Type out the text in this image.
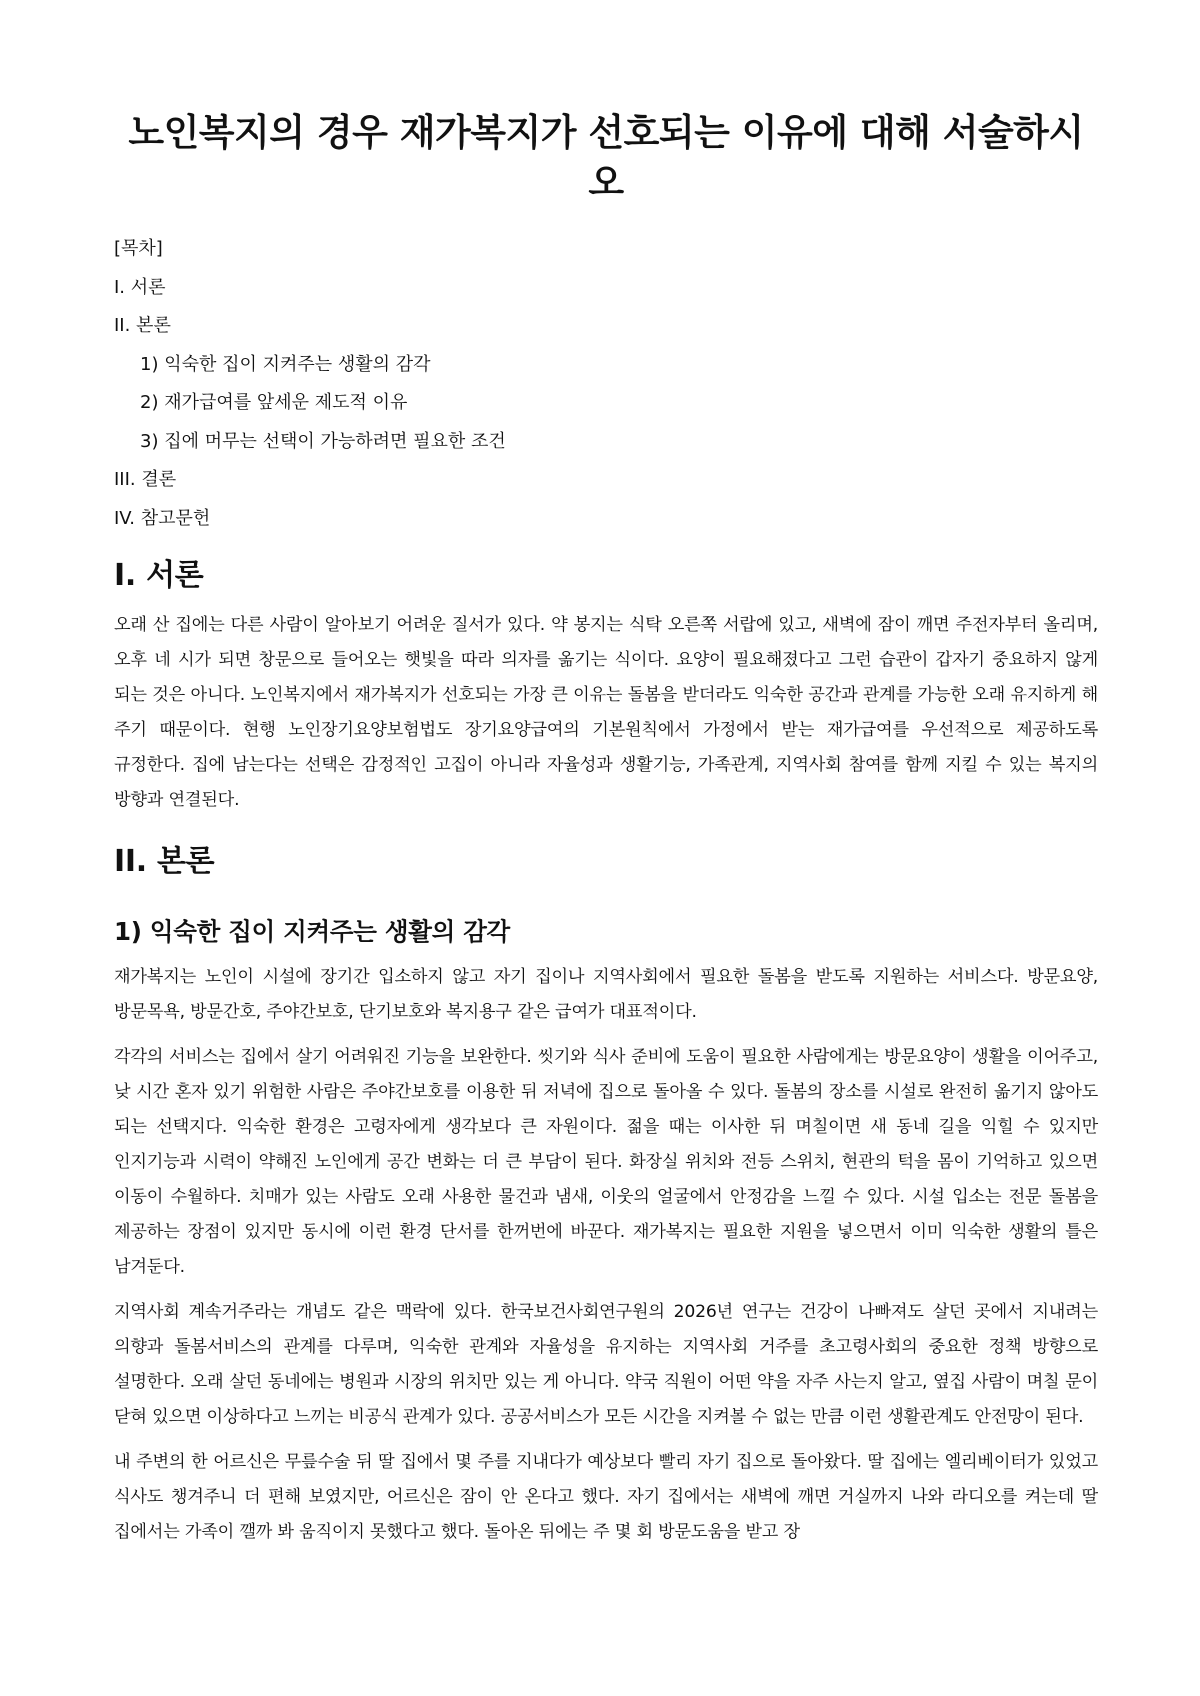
노인복지의 경우 재가복지가 선호되는 이유에 대해 서술하시오
[목차]
I. 서론
II. 본론
1) 익숙한 집이 지켜주는 생활의 감각
2) 재가급여를 앞세운 제도적 이유
3) 집에 머무는 선택이 가능하려면 필요한 조건
III. 결론
IV. 참고문헌
I. 서론

오래 산 집에는 다른 사람이 알아보기 어려운 질서가 있다. 약 봉지는 식탁 오른쪽 서랍에 있고, 새벽에 잠이 깨면 주전자부터 올리며, 오후 네 시가 되면 창문으로 들어오는 햇빛을 따라 의자를 옮기는 식이다. 요양이 필요해졌다고 그런 습관이 갑자기 중요하지 않게 되는 것은 아니다. 노인복지에서 재가복지가 선호되는 가장 큰 이유는 돌봄을 받더라도 익숙한 공간과 관계를 가능한 오래 유지하게 해 주기 때문이다. 현행 노인장기요양보험법도 장기요양급여의 기본원칙에서 가정에서 받는 재가급여를 우선적으로 제공하도록 규정한다. 집에 남는다는 선택은 감정적인 고집이 아니라 자율성과 생활기능, 가족관계, 지역사회 참여를 함께 지킬 수 있는 복지의 방향과 연결된다.

II. 본론
1) 익숙한 집이 지켜주는 생활의 감각

재가복지는 노인이 시설에 장기간 입소하지 않고 자기 집이나 지역사회에서 필요한 돌봄을 받도록 지원하는 서비스다. 방문요양, 방문목욕, 방문간호, 주야간보호, 단기보호와 복지용구 같은 급여가 대표적이다.

각각의 서비스는 집에서 살기 어려워진 기능을 보완한다. 씻기와 식사 준비에 도움이 필요한 사람에게는 방문요양이 생활을 이어주고, 낮 시간 혼자 있기 위험한 사람은 주야간보호를 이용한 뒤 저녁에 집으로 돌아올 수 있다. 돌봄의 장소를 시설로 완전히 옮기지 않아도 되는 선택지다. 익숙한 환경은 고령자에게 생각보다 큰 자원이다. 젊을 때는 이사한 뒤 며칠이면 새 동네 길을 익힐 수 있지만 인지기능과 시력이 약해진 노인에게 공간 변화는 더 큰 부담이 된다. 화장실 위치와 전등 스위치, 현관의 턱을 몸이 기억하고 있으면 이동이 수월하다. 치매가 있는 사람도 오래 사용한 물건과 냄새, 이웃의 얼굴에서 안정감을 느낄 수 있다. 시설 입소는 전문 돌봄을 제공하는 장점이 있지만 동시에 이런 환경 단서를 한꺼번에 바꾼다. 재가복지는 필요한 지원을 넣으면서 이미 익숙한 생활의 틀은 남겨둔다.

지역사회 계속거주라는 개념도 같은 맥락에 있다. 한국보건사회연구원의 2026년 연구는 건강이 나빠져도 살던 곳에서 지내려는 의향과 돌봄서비스의 관계를 다루며, 익숙한 관계와 자율성을 유지하는 지역사회 거주를 초고령사회의 중요한 정책 방향으로 설명한다. 오래 살던 동네에는 병원과 시장의 위치만 있는 게 아니다. 약국 직원이 어떤 약을 자주 사는지 알고, 옆집 사람이 며칠 문이 닫혀 있으면 이상하다고 느끼는 비공식 관계가 있다. 공공서비스가 모든 시간을 지켜볼 수 없는 만큼 이런 생활관계도 안전망이 된다.

내 주변의 한 어르신은 무릎수술 뒤 딸 집에서 몇 주를 지내다가 예상보다 빨리 자기 집으로 돌아왔다. 딸 집에는 엘리베이터가 있었고 식사도 챙겨주니 더 편해 보였지만, 어르신은 잠이 안 온다고 했다. 자기 집에서는 새벽에 깨면 거실까지 나와 라디오를 켜는데 딸 집에서는 가족이 깰까 봐 움직이지 못했다고 했다. 돌아온 뒤에는 주 몇 회 방문도움을 받고 장
